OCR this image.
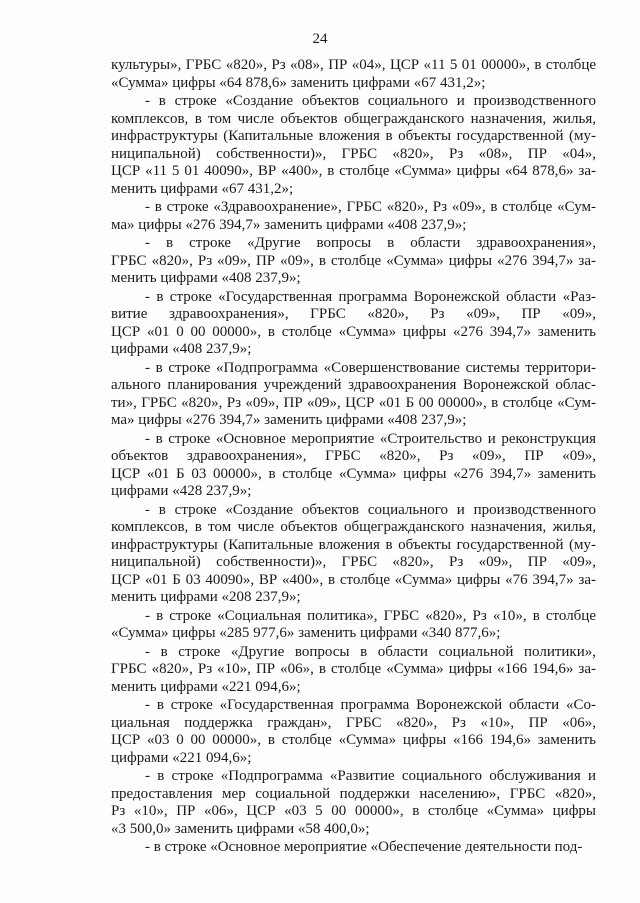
24

культуры», ГРБС «820», Рз «08», ПР «04», ЦСР «11 5 01 00000», в столбце
«Сумма» цифры «64 878,6» заменить цифрами «67 431,2»;

- в строке «Создание объектов социального и производственного
комплексов, в том числе объектов общегражданского назначения, жилья,
инфраструктуры (Капитальные вложения в объекты государственной (му-
ниципальной) собственности)», ГРБС «820», Рз «08», ПР «04»,
ЦСР «11 5 01 40090», ВР «400», в столбце «Сумма» цифры «64 878,6» за-
менить цифрами «67 431,2»;

- в строке «Здравоохранение», ГРБС «820», Рз «09», в столбце «Сум-
ма» цифры «276 394,7» заменить цифрами «408 237,9»;

- в строке «Другие вопросы в области здравоохранения»,
ГРБС «820», Рз «09», ПР «09», в столбце «Сумма» цифры «276 394,7» за-
менить цифрами «408 237,9»;

- в строке «Государственная программа Воронежской области «Раз-
витие здравоохранения», ГРБС «820», Рз «09», ПР «09»,
ЦСР «01 0 00 00000», в столбце «Сумма» цифры «276 394,7» заменить
цифрами «408 237,9»;

- в строке «Подпрограмма «Совершенствование системы территори-
ального планирования учреждений здравоохранения Воронежской облас-
ти», ГРБС «820», Рз «09», ПР «09», ЦСР «01 Б 00 00000», в столбце «Сум-
ма» цифры «276 394,7» заменить цифрами «408 237,9»;

- в строке «Основное мероприятие «Строительство и реконструкция
объектов здравоохранения», ГРБС «820», Рз «09», ПР «09»,
ЦСР «01 Б 03 00000», в столбце «Сумма» цифры «276 394,7» заменить
цифрами «428 237,9»;

- в строке «Создание объектов социального и производственного
комплексов, в том числе объектов общегражданского назначения, жилья,
инфраструктуры (Капитальные вложения в объекты государственной (му-
ниципальной) собственности)», ГРБС «820», Рз «09», ПР «09»,
ЦСР «01 Б 03 40090», ВР «400», в столбце «Сумма» цифры «76 394,7» за-
менить цифрами «208 237,9»;

- в строке «Социальная политика», ГРБС «820», Рз «10», в столбце
«Сумма» цифры «285 977,6» заменить цифрами «340 877,6»;

- в строке «Другие вопросы в области социальной политики»,
ГРБС «820», Рз «10», ПР «06», в столбце «Сумма» цифры «166 194,6» за-
менить цифрами «221 094,6»;

- в строке «Государственная программа Воронежской области «Со-
циальная поддержка граждан», ГРБС «820», Рз «10», ПР «06»,
ЦСР «03 0 00 00000», в столбце «Сумма» цифры «166 194,6» заменить
цифрами «221 094,6»;

- в строке «Подпрограмма «Развитие социального обслуживания и
предоставления мер социальной поддержки населению», ГРБС «820»,
Рз «10», ПР «06», ЦСР «03 5 00 00000», в столбце «Сумма» цифры
«3 500,0» заменить цифрами «58 400,0»;

- в строке «Основное мероприятие «Обеспечение деятельности под-
